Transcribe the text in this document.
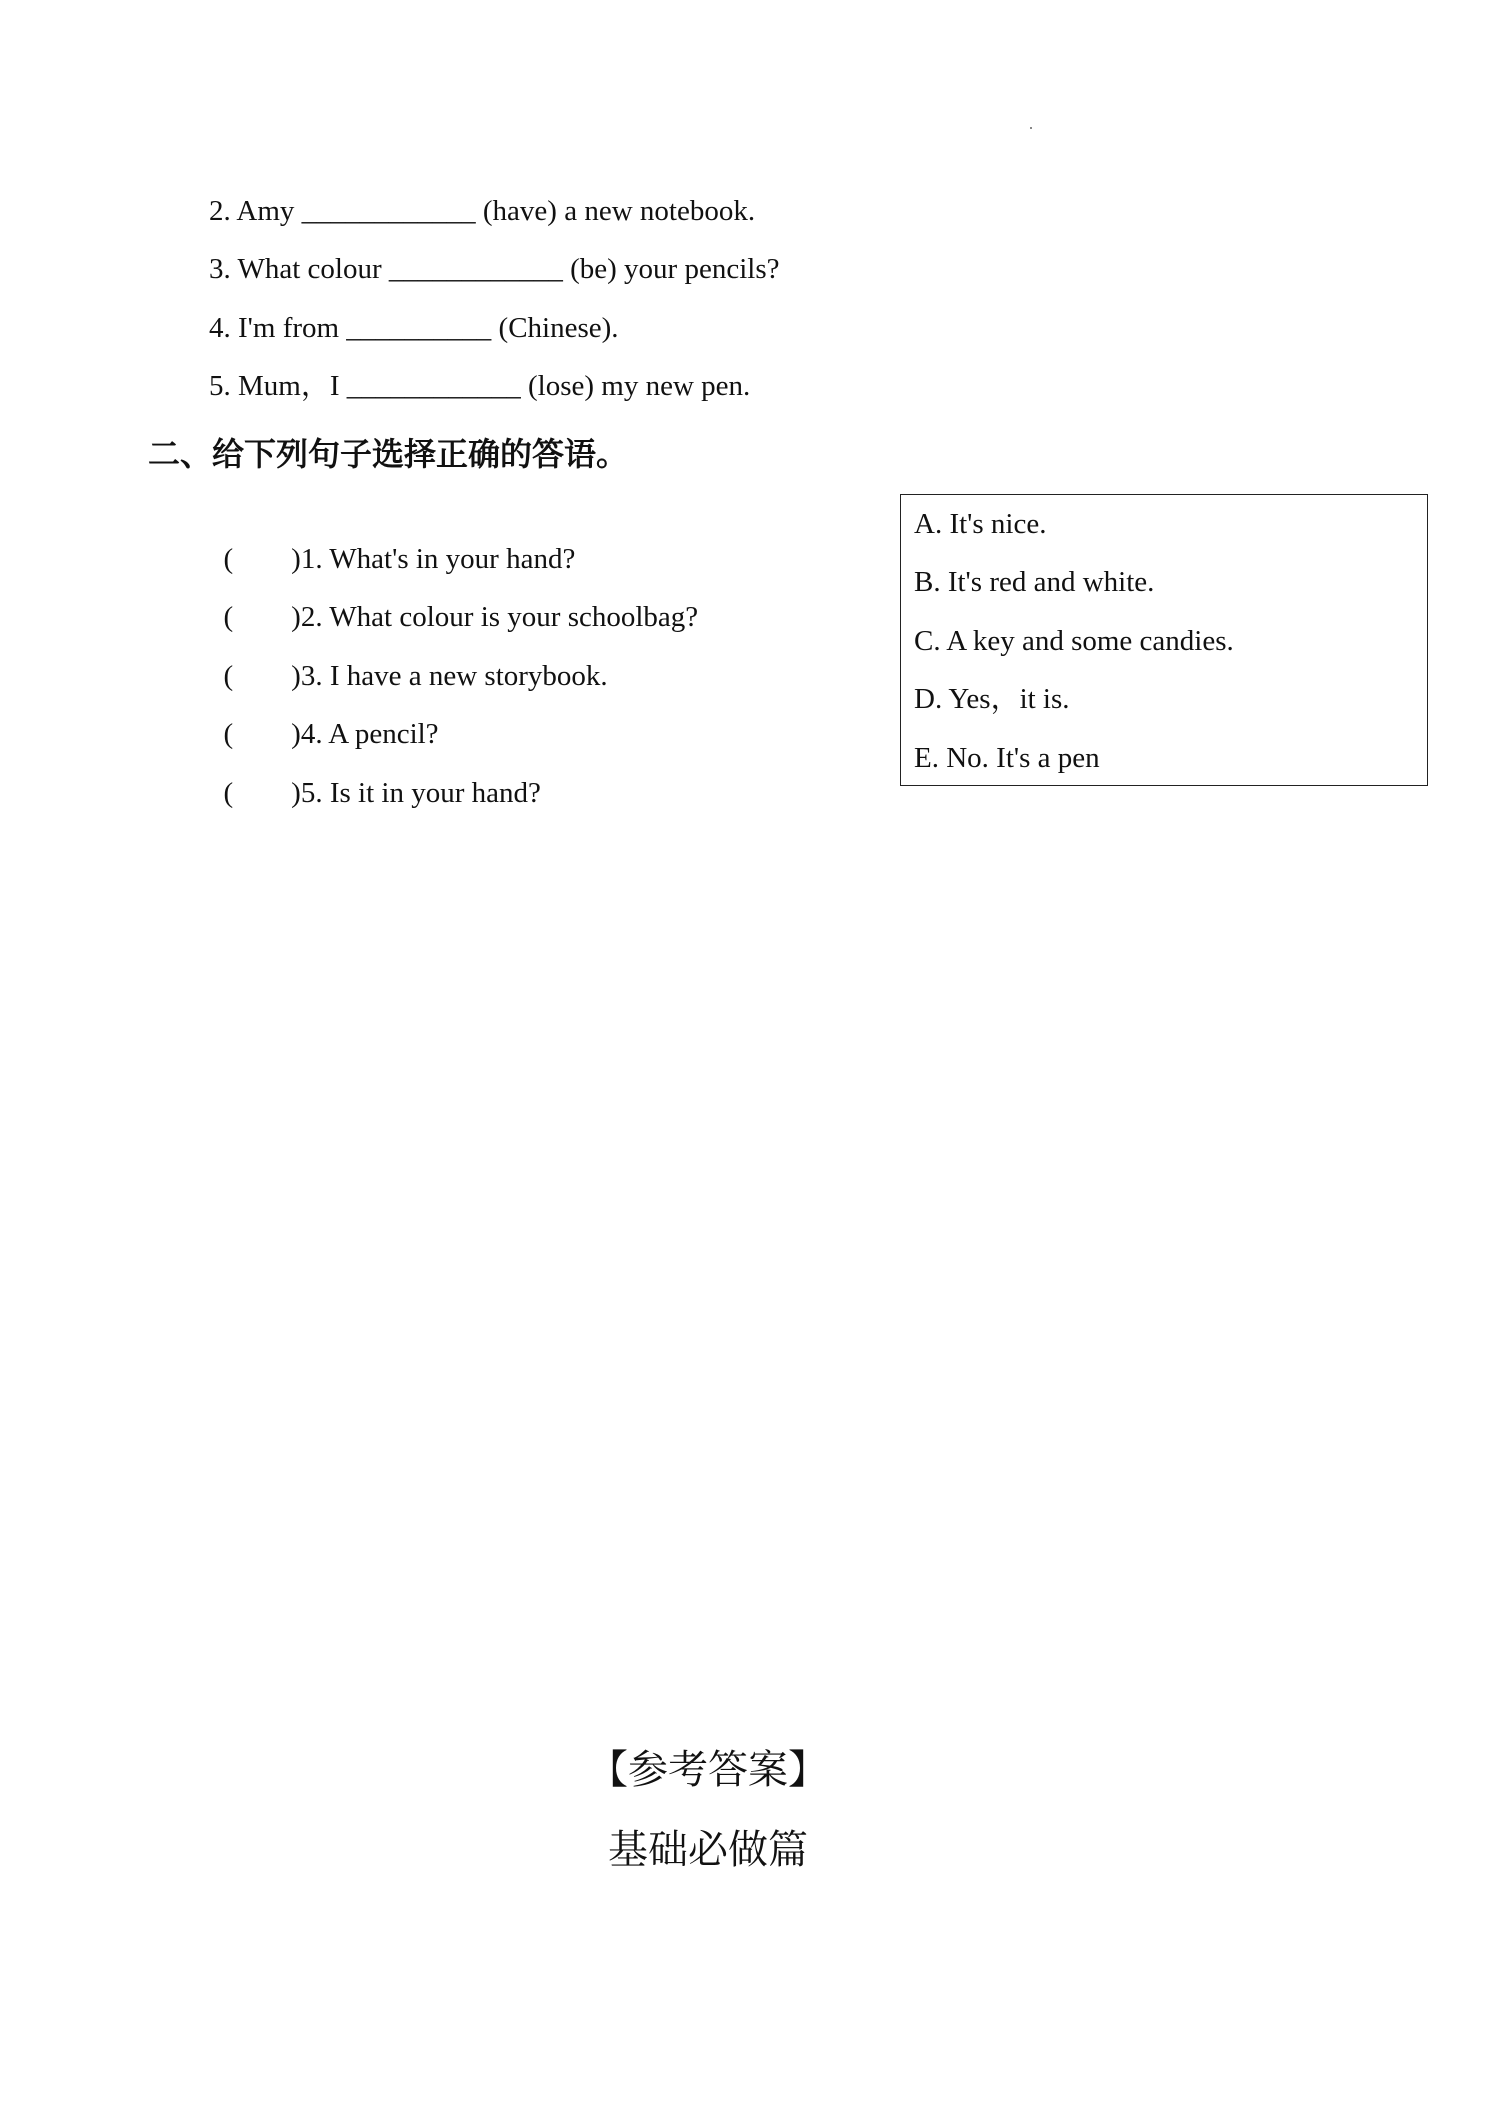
2. Amy ____________ (have) a new notebook.
3. What colour ____________ (be) your pencils?
4. I'm from __________ (Chinese).
5. Mum，I ____________ (lose) my new pen.
二、给下列句子选择正确的答语。

(        )1. What's in your hand?

(        )2. What colour is your schoolbag?

(        )3. I have a new storybook.

(        )4. A pencil?

(        )5. Is it in your hand?

A. It's nice.
B. It's red and white.
C. A key and some candies.
D. Yes，it is.
E. No. It's a pen
【参考答案】
基础必做篇
